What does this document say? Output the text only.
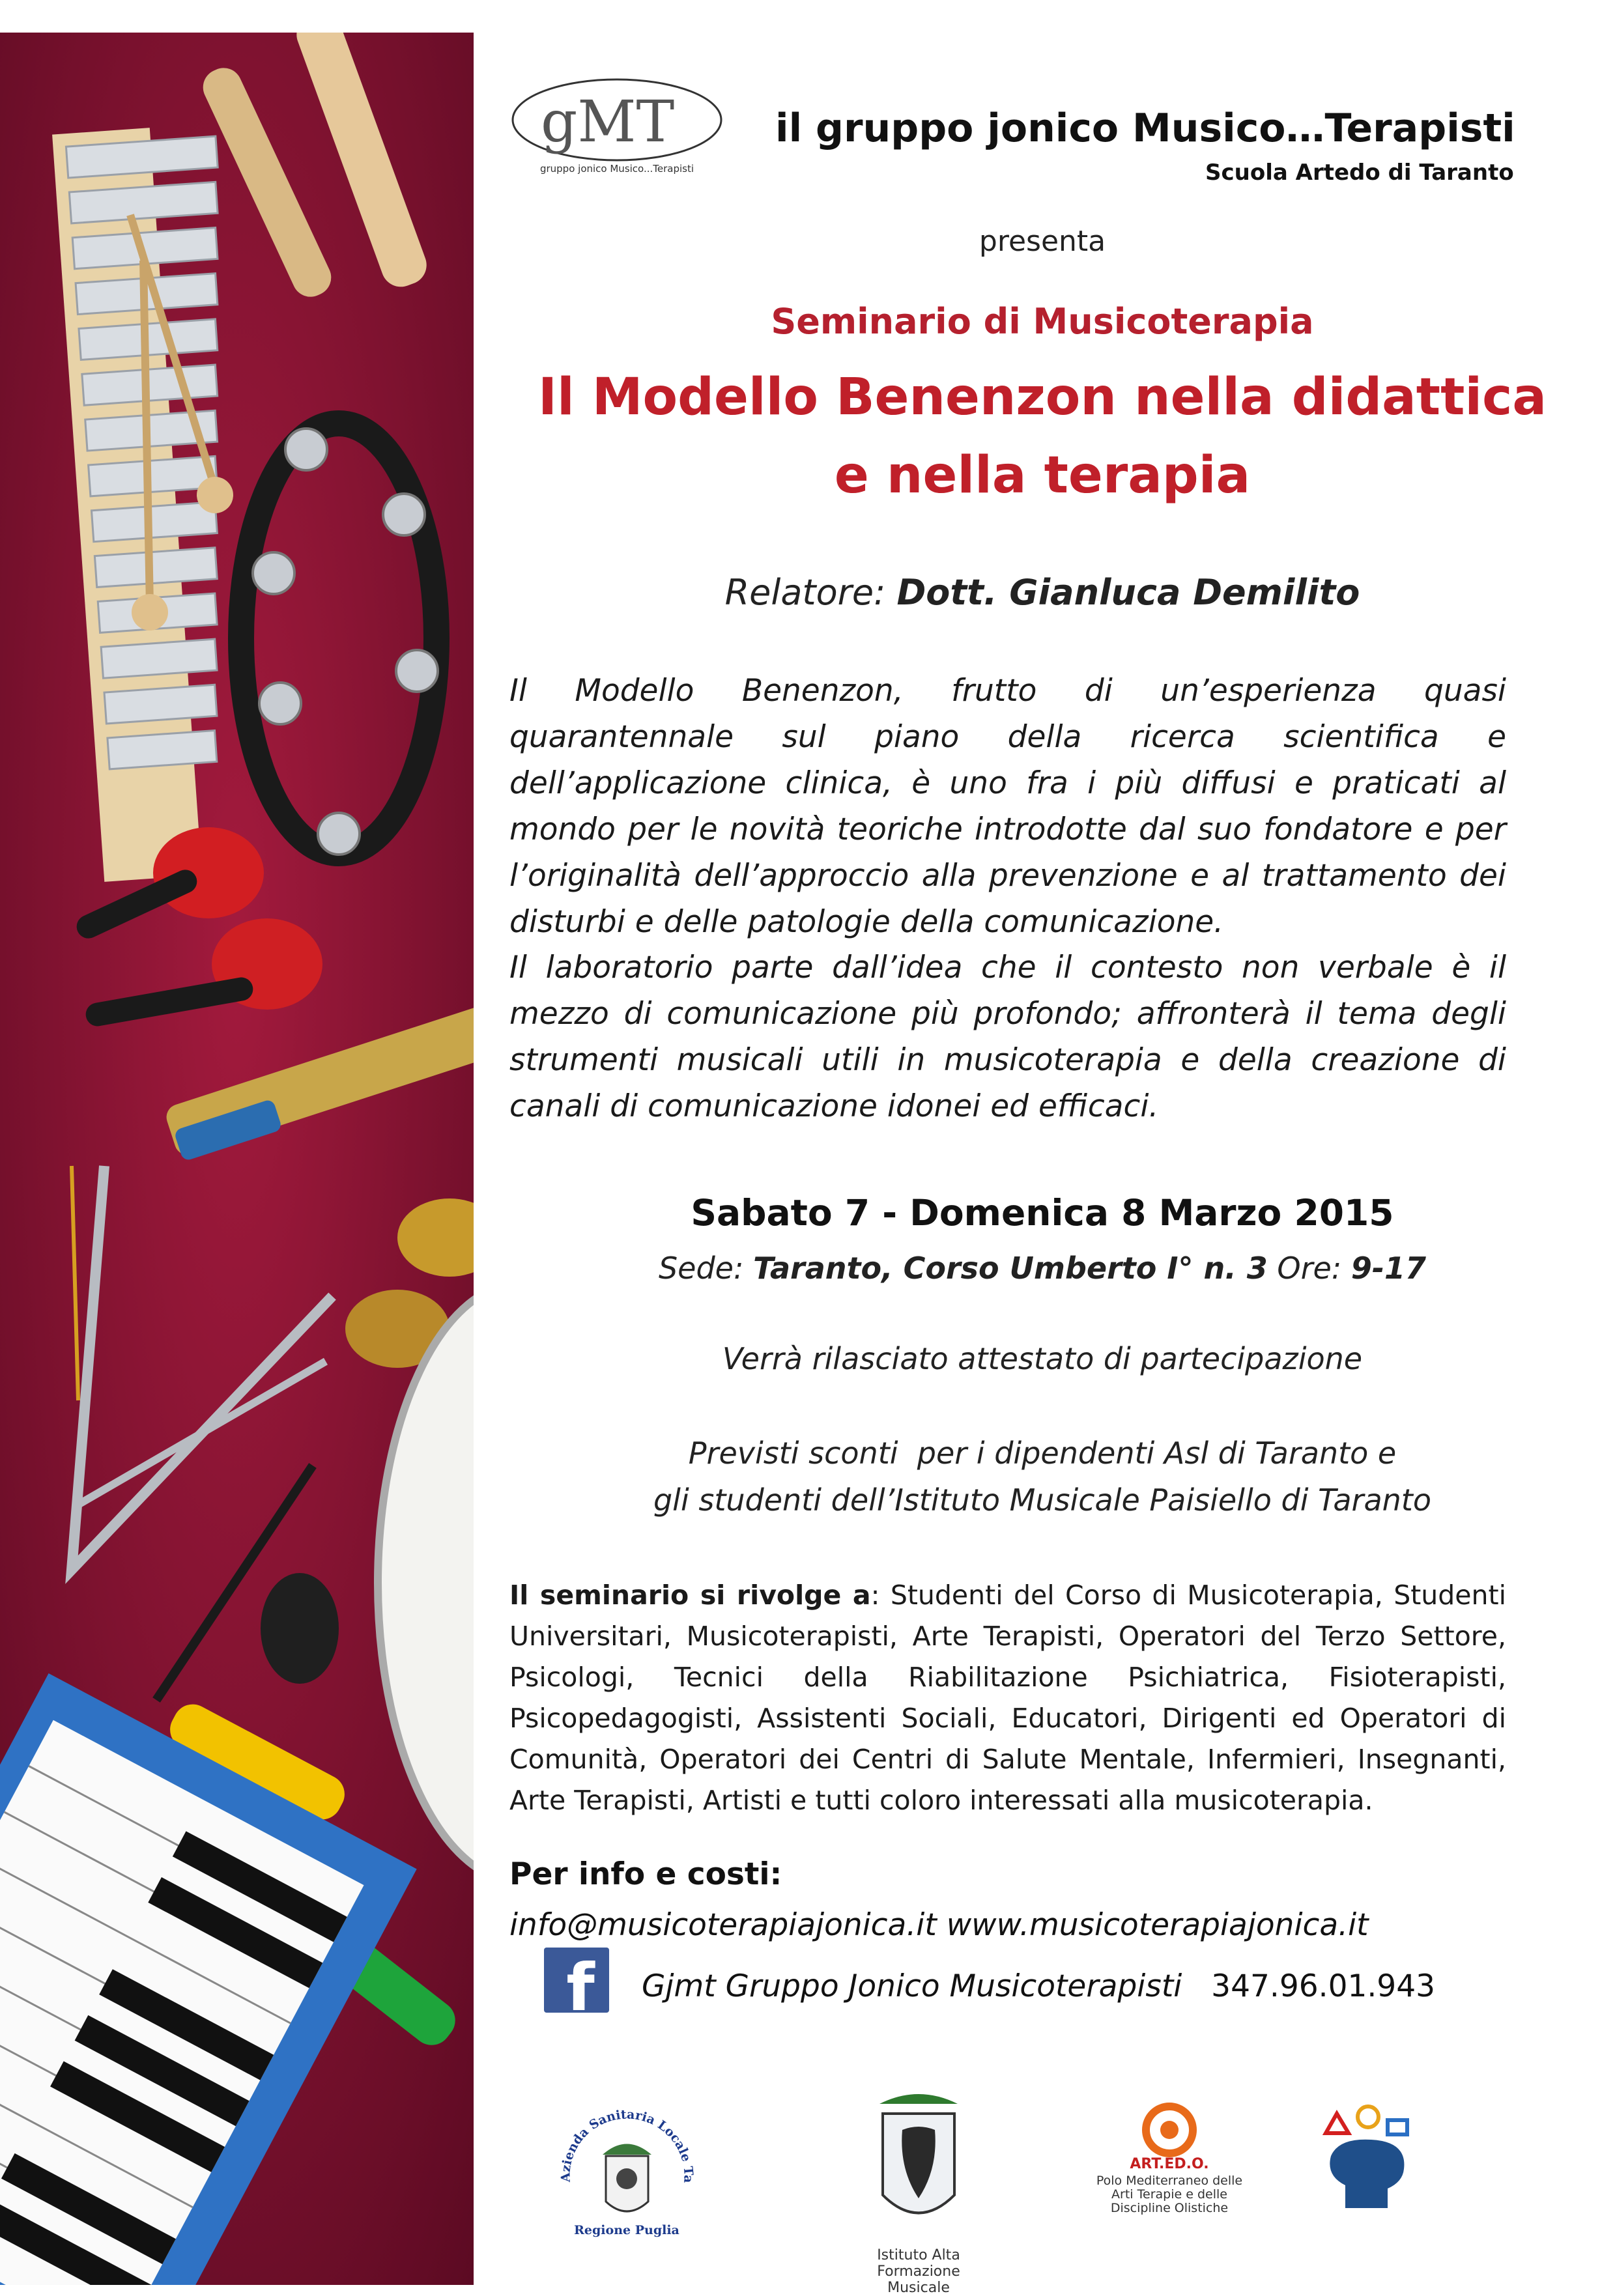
gMT
gruppo jonico Musico...Terapisti
il gruppo jonico Musico…Terapisti
Scuola Artedo di Taranto
presenta
Seminario di Musicoterapia
Il Modello Benenzon nella didattica
e nella terapia
Relatore: Dott. Gianluca Demilito
Il Modello Benenzon, frutto di un’esperienza quasi quarantennale sul piano della ricerca scientifica e dell’applicazione clinica, è uno fra i più diffusi e praticati al mondo per le novità teoriche introdotte dal suo fondatore e per l’originalità dell’approccio alla prevenzione e al trattamento dei disturbi e delle patologie della comunicazione.
Il laboratorio parte dall’idea che il contesto non verbale è il mezzo di comunicazione più profondo; affronterà il tema degli strumenti musicali utili in musicoterapia e della creazione di canali di comunicazione idonei ed efficaci.
Sabato 7 - Domenica 8 Marzo 2015
Sede: Taranto, Corso Umberto I° n. 3 Ore: 9-17
Verrà rilasciato attestato di partecipazione
Previsti sconti  per i dipendenti Asl di Taranto e
gli studenti dell’Istituto Musicale Paisiello di Taranto
Il seminario si rivolge a: Studenti del Corso di Musicoterapia, Studenti Universitari, Musicoterapisti, Arte Terapisti, Operatori del Terzo Settore, Psicologi, Tecnici della Riabilitazione Psichiatrica, Fisioterapisti, Psicopedagogisti, Assistenti Sociali, Educatori, Dirigenti ed Operatori di Comunità, Operatori dei Centri di Salute Mentale, Infermieri, Insegnanti, Arte Terapisti, Artisti e tutti coloro interessati alla musicoterapia.
Per info e costi:
info@musicoterapiajonica.it www.musicoterapiajonica.it
f Gjmt Gruppo Jonico Musicoterapisti 347.96.01.943
Azienda Sanitaria Locale Ta
Regione Puglia
Istituto Alta Formazione
Musicale
ART.ED.O.
Polo Mediterraneo delle
Arti Terapie e delle
Discipline Olistiche
